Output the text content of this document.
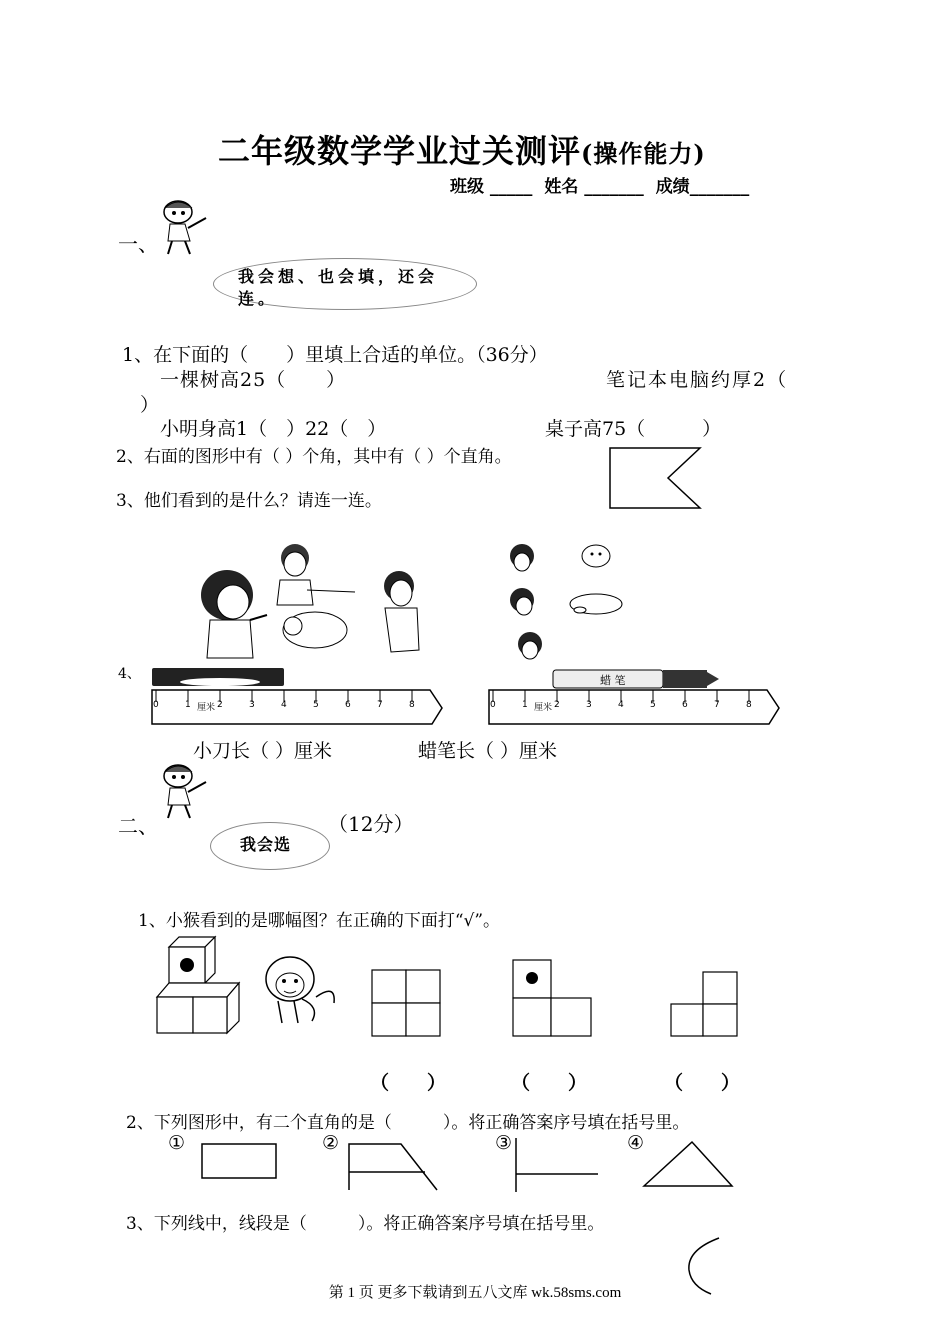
二年级数学学业过关测评(操作能力)
班级 _____ 姓名 _______ 成绩_______
一、
我会想、也会填，还会连。
1、在下面的（　　）里填上合适的单位。（36分）
一棵树高25（　　）	笔记本电脑约厚2（
）
小明身高1（　）22（　）	桌子高75（　　　）
2、右面的图形中有（ ）个角，其中有（ ）个直角。
3、他们看到的是什么？请连一连。
4、
0	1 厘米 2	3	4	5	6	7	8
蜡 笔
0	1 厘米 2	3	4	5	6	7	8
小刀长（ ）厘米	蜡笔长（ ）厘米
二、	（12分）
我会选
1、小猴看到的是哪幅图？在正确的下面打“√”。
（　　）	（　　）	（　　）
2、下列图形中，有二个直角的是（　　　）。将正确答案序号填在括号里。
①	②	③	④
3、下列线中，线段是（　　　）。将正确答案序号填在括号里。
第 1 页 更多下载请到五八文库 wk.58sms.com
